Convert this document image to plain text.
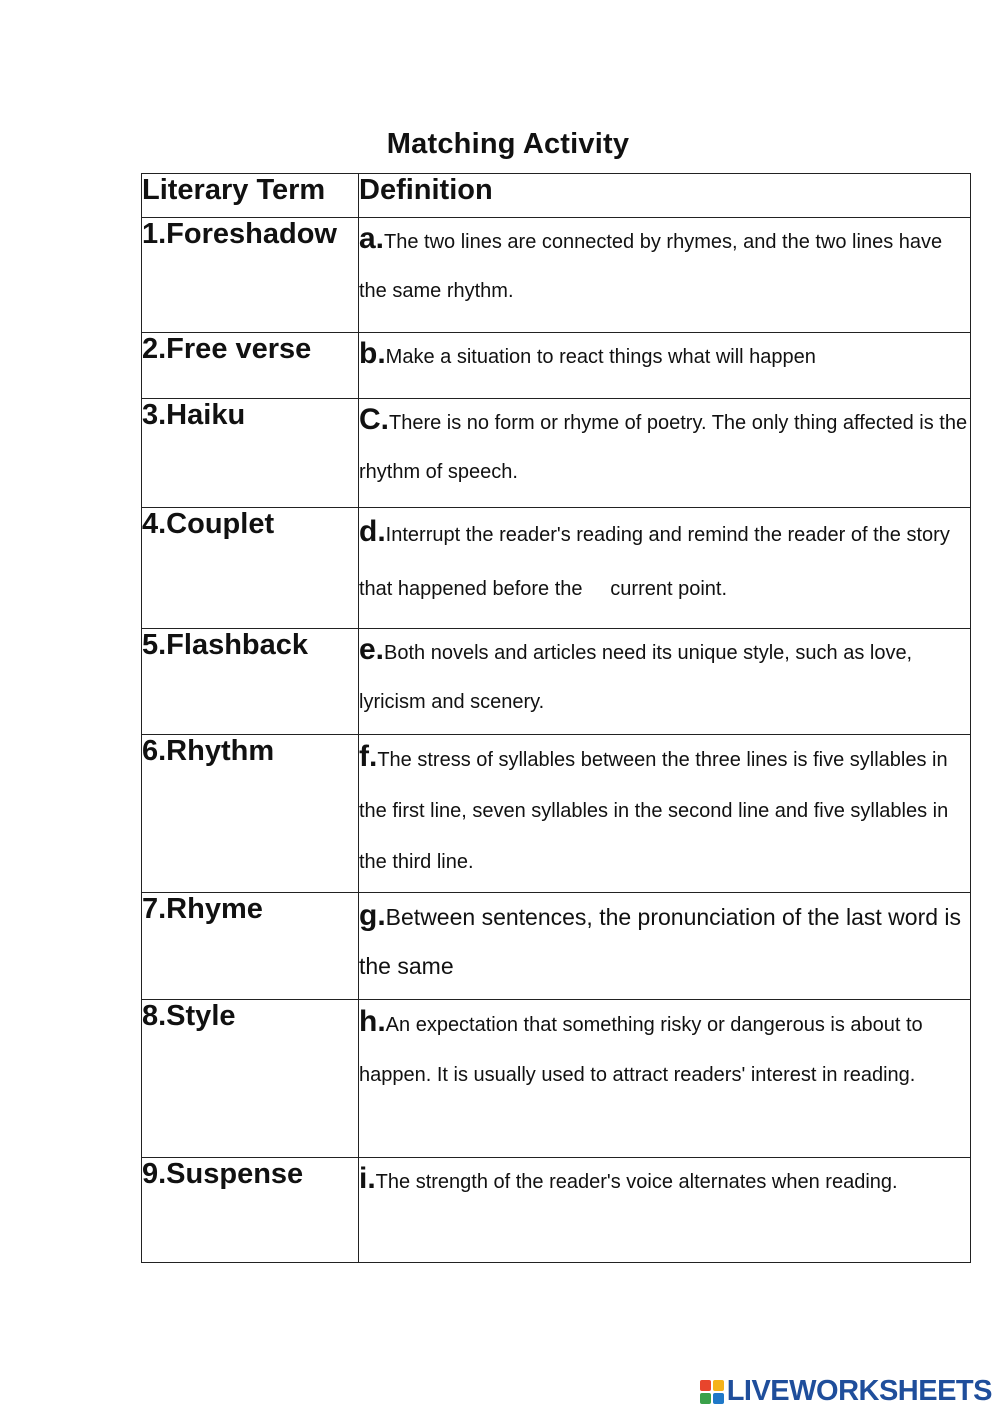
Matching Activity
Literary Term	Definition
1.Foreshadow	a.The two lines are connected by rhymes, and the two lines have the same rhythm.
2.Free verse	b.Make a situation to react things what will happen
3.Haiku	C.There is no form or rhyme of poetry. The only thing affected is the rhythm of speech.
4.Couplet	d.Interrupt the reader's reading and remind the reader of the story that happened before the     current point.
5.Flashback	e.Both novels and articles need its unique style, such as love, lyricism and scenery.
6.Rhythm	f.The stress of syllables between the three lines is five syllables in the first line, seven syllables in the second line and five syllables in the third line.
7.Rhyme	g.Between sentences, the pronunciation of the last word is the same
8.Style	h.An expectation that something risky or dangerous is about to happen. It is usually used to attract readers' interest in reading.
9.Suspense	i.The strength of the reader's voice alternates when reading.
LIVEWORKSHEETS
